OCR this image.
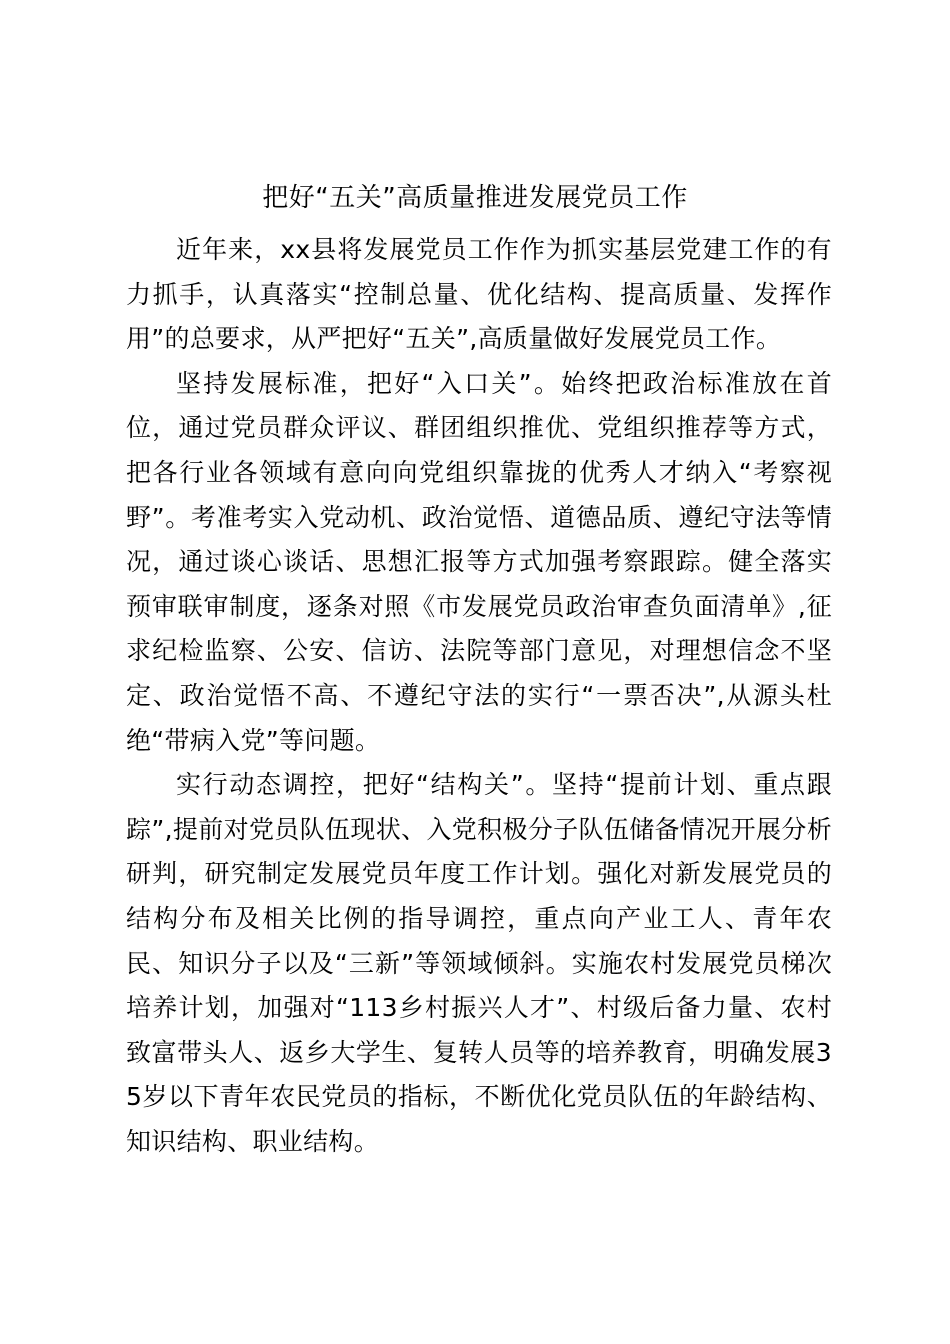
把好“五关”高质量推进发展党员工作

近年来，xx县将发展党员工作作为抓实基层党建工作的有力抓手，认真落实“控制总量、优化结构、提高质量、发挥作用”的总要求，从严把好“五关”,高质量做好发展党员工作。

坚持发展标准，把好“入口关”。始终把政治标准放在首位，通过党员群众评议、群团组织推优、党组织推荐等方式，把各行业各领域有意向向党组织靠拢的优秀人才纳入“考察视野”。考准考实入党动机、政治觉悟、道德品质、遵纪守法等情况，通过谈心谈话、思想汇报等方式加强考察跟踪。健全落实预审联审制度，逐条对照《市发展党员政治审查负面清单》,征求纪检监察、公安、信访、法院等部门意见，对理想信念不坚定、政治觉悟不高、不遵纪守法的实行“一票否决”,从源头杜绝“带病入党”等问题。

实行动态调控，把好“结构关”。坚持“提前计划、重点跟踪”,提前对党员队伍现状、入党积极分子队伍储备情况开展分析研判，研究制定发展党员年度工作计划。强化对新发展党员的结构分布及相关比例的指导调控，重点向产业工人、青年农民、知识分子以及“三新”等领域倾斜。实施农村发展党员梯次培养计划，加强对“113乡村振兴人才”、村级后备力量、农村致富带头人、返乡大学生、复转人员等的培养教育，明确发展35岁以下青年农民党员的指标，不断优化党员队伍的年龄结构、知识结构、职业结构。
